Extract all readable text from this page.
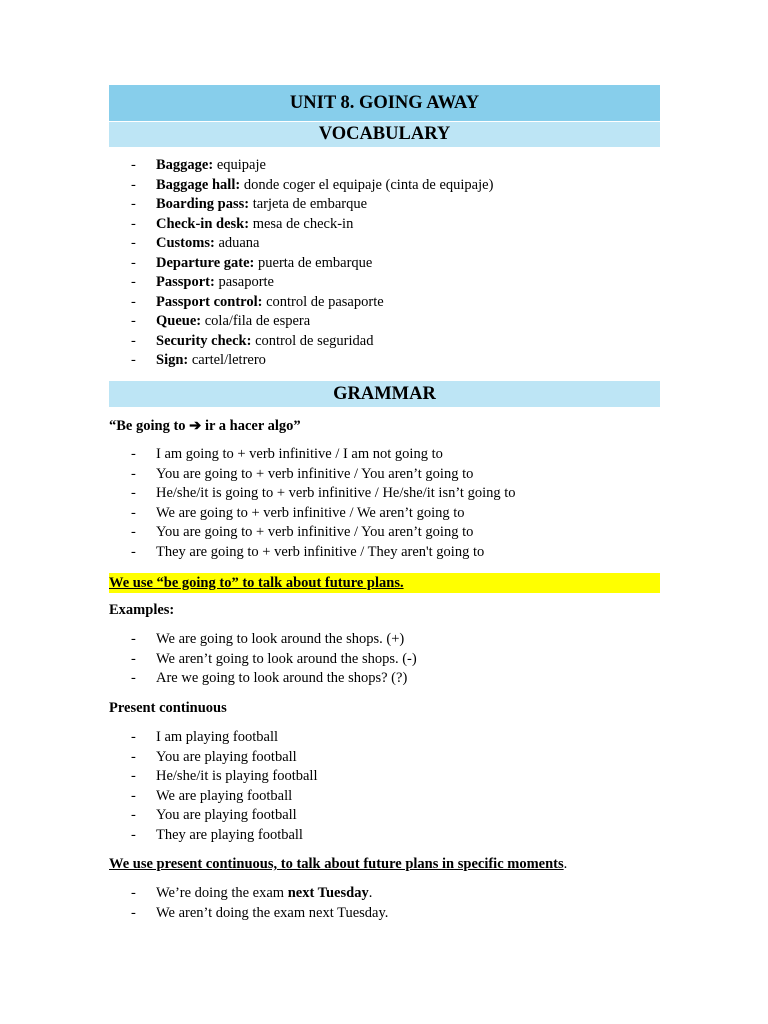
UNIT 8. GOING AWAY
VOCABULARY
- Baggage: equipaje
- Baggage hall: donde coger el equipaje (cinta de equipaje)
- Boarding pass: tarjeta de embarque
- Check-in desk: mesa de check-in
- Customs: aduana
- Departure gate: puerta de embarque
- Passport: pasaporte
- Passport control: control de pasaporte
- Queue: cola/fila de espera
- Security check: control de seguridad
- Sign: cartel/letrero
GRAMMAR
“Be going to ➔ ir a hacer algo”
- I am going to + verb infinitive / I am not going to
- You are going to + verb infinitive / You aren’t going to
- He/she/it is going to + verb infinitive / He/she/it isn’t going to
- We are going to + verb infinitive / We aren’t going to
- You are going to + verb infinitive / You aren’t going to
- They are going to + verb infinitive / They aren't going to
We use “be going to” to talk about future plans.
Examples:
- We are going to look around the shops. (+)
- We aren’t going to look around the shops. (-)
- Are we going to look around the shops? (?)
Present continuous
- I am playing football
- You are playing football
- He/she/it is playing football
- We are playing football
- You are playing football
- They are playing football
We use present continuous, to talk about future plans in specific moments.
- We’re doing the exam next Tuesday.
- We aren’t doing the exam next Tuesday.
